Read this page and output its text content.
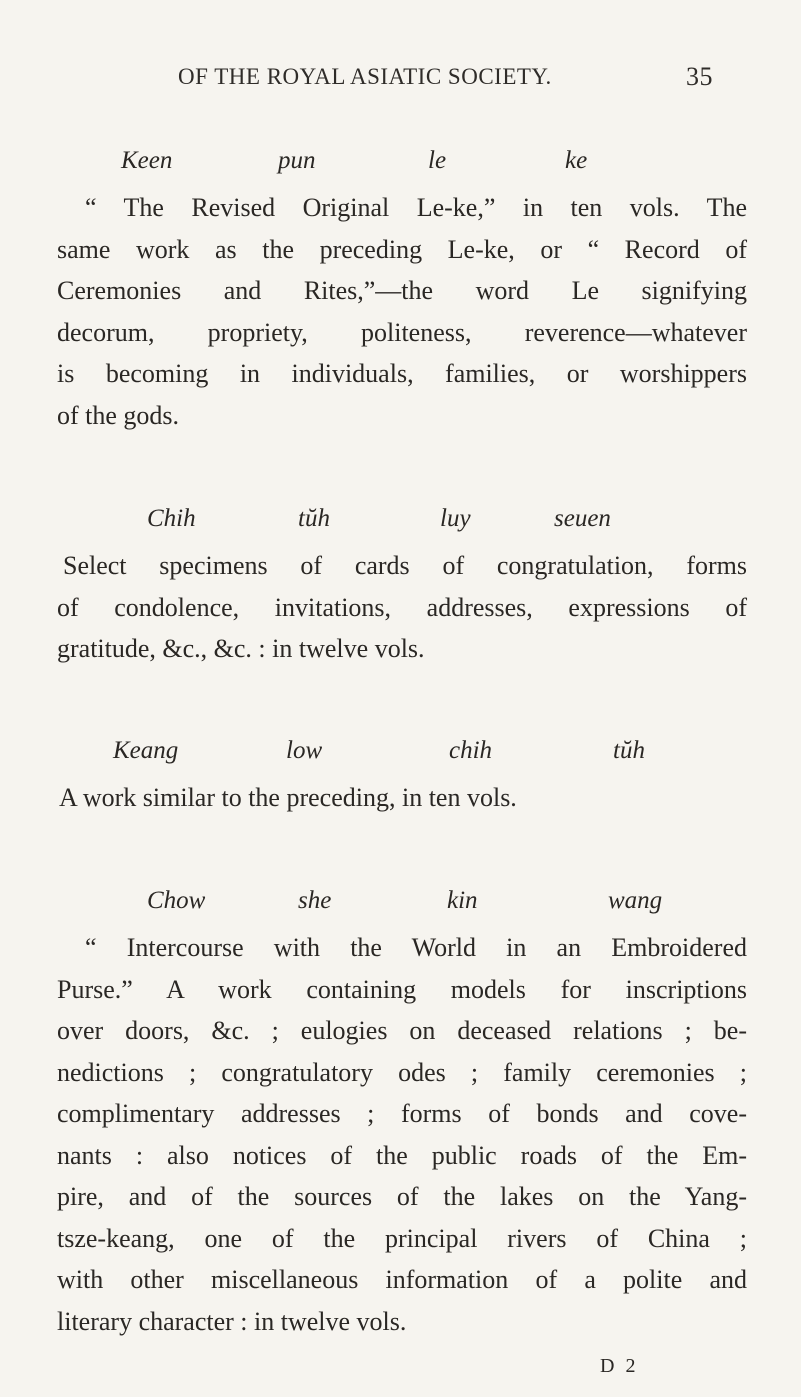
OF THE ROYAL ASIATIC SOCIETY.	35
Keen	pun	le	ke

“ The Revised Original Le-ke,” in ten vols. The
same work as the preceding Le-ke, or “ Record of
Ceremonies and Rites,”—the word Le signifying
decorum, propriety, politeness, reverence—whatever
is becoming in individuals, families, or worshippers
of the gods.

Chih	tŭh	luy	seuen

Select specimens of cards of congratulation, forms
of condolence, invitations, addresses, expressions of
gratitude, &c., &c. : in twelve vols.

Keang	low	chih	tŭh

A work similar to the preceding, in ten vols.

Chow	she	kin	wang

“ Intercourse with the World in an Embroidered
Purse.” A work containing models for inscriptions
over doors, &c. ; eulogies on deceased relations ; be-
nedictions ; congratulatory odes ; family ceremonies ;
complimentary addresses ; forms of bonds and cove-
nants : also notices of the public roads of the Em-
pire, and of the sources of the lakes on the Yang-
tsze-keang, one of the principal rivers of China ;
with other miscellaneous information of a polite and
literary character : in twelve vols.

D 2
